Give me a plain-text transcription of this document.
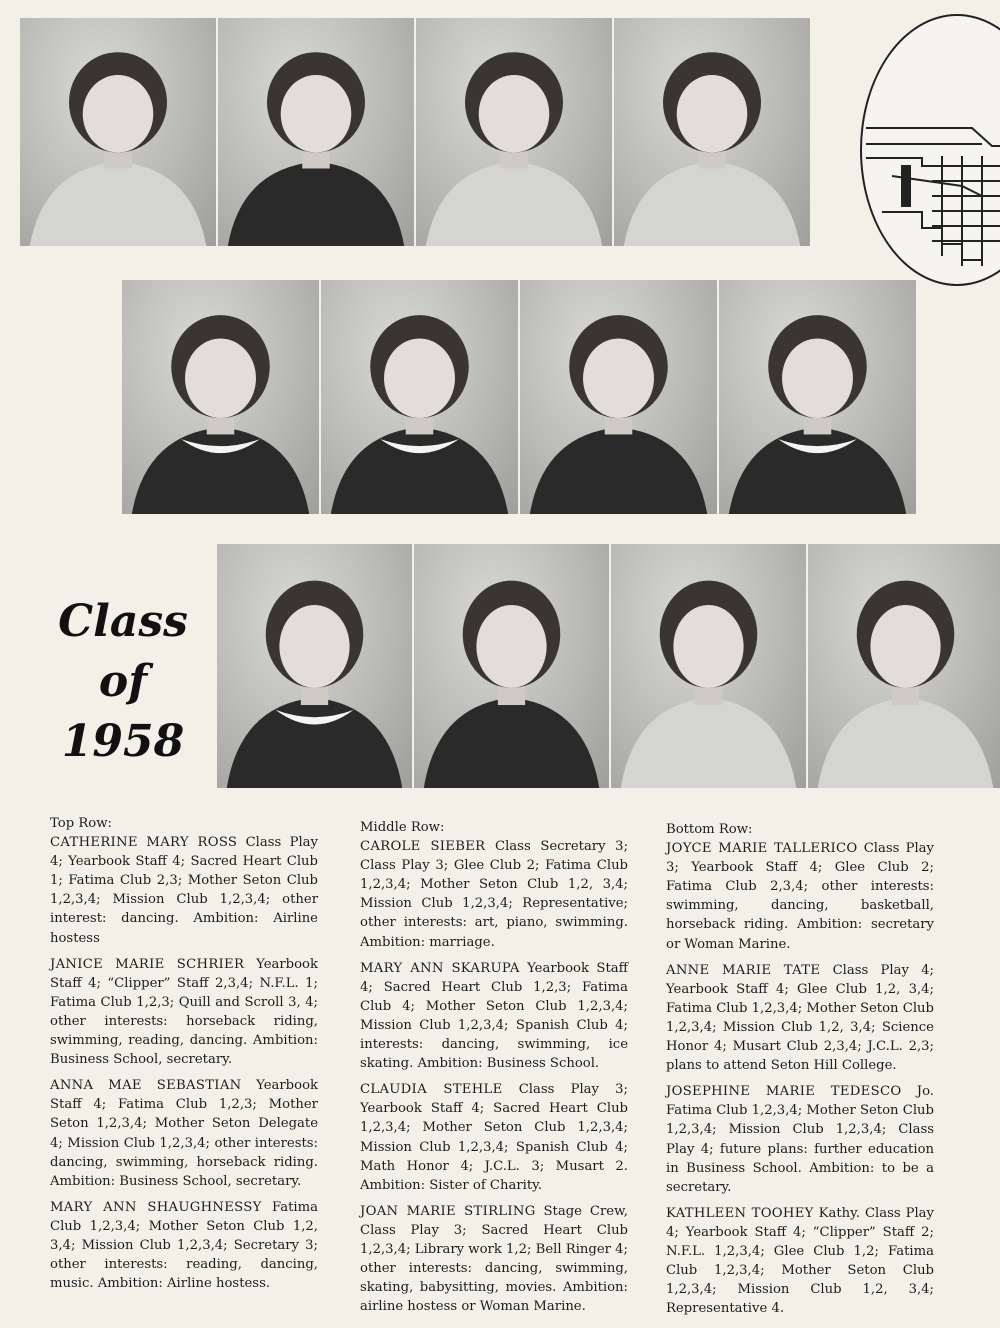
Class
of
1958
Top Row:

CATHERINE MARY ROSS Class Play 4; Yearbook Staff 4; Sacred Heart Club 1; Fatima Club 2,3; Mother Seton Club 1,2,3,4; Mission Club 1,2,3,4; other interest: dancing. Ambition: Airline hostess

JANICE MARIE SCHRIER Yearbook Staff 4; “Clipper” Staff 2,3,4; N.F.L. 1; Fatima Club 1,2,3; Quill and Scroll 3, 4; other interests: horseback riding, swimming, reading, dancing. Ambition: Business School, secretary.

ANNA MAE SEBASTIAN Yearbook Staff 4; Fatima Club 1,2,3; Mother Seton 1,2,3,4; Mother Seton Delegate 4; Mission Club 1,2,3,4; other interests: dancing, swimming, horseback riding. Ambition: Business School, secretary.

MARY ANN SHAUGHNESSY Fatima Club 1,2,3,4; Mother Seton Club 1,2, 3,4; Mission Club 1,2,3,4; Secretary 3; other interests: reading, dancing, music. Ambition: Airline hostess.

Middle Row:

CAROLE SIEBER Class Secretary 3; Class Play 3; Glee Club 2; Fatima Club 1,2,3,4; Mother Seton Club 1,2, 3,4; Mission Club 1,2,3,4; Representative; other interests: art, piano, swimming. Ambition: marriage.

MARY ANN SKARUPA Yearbook Staff 4; Sacred Heart Club 1,2,3; Fatima Club 4; Mother Seton Club 1,2,3,4; Mission Club 1,2,3,4; Spanish Club 4; interests: dancing, swimming, ice skating. Ambition: Business School.

CLAUDIA STEHLE Class Play 3; Yearbook Staff 4; Sacred Heart Club 1,2,3,4; Mother Seton Club 1,2,3,4; Mission Club 1,2,3,4; Spanish Club 4; Math Honor 4; J.C.L. 3; Musart 2. Ambition: Sister of Charity.

JOAN MARIE STIRLING Stage Crew, Class Play 3; Sacred Heart Club 1,2,3,4; Library work 1,2; Bell Ringer 4; other interests: dancing, swimming, skating, babysitting, movies. Ambition: airline hostess or Woman Marine.

Bottom Row:

JOYCE MARIE TALLERICO Class Play 3; Yearbook Staff 4; Glee Club 2; Fatima Club 2,3,4; other interests: swimming, dancing, basketball, horseback riding. Ambition: secretary or Woman Marine.

ANNE MARIE TATE Class Play 4; Yearbook Staff 4; Glee Club 1,2, 3,4; Fatima Club 1,2,3,4; Mother Seton Club 1,2,3,4; Mission Club 1,2, 3,4; Science Honor 4; Musart Club 2,3,4; J.C.L. 2,3; plans to attend Seton Hill College.

JOSEPHINE MARIE TEDESCO Jo. Fatima Club 1,2,3,4; Mother Seton Club 1,2,3,4; Mission Club 1,2,3,4; Class Play 4; future plans: further education in Business School. Ambition: to be a secretary.

KATHLEEN TOOHEY Kathy. Class Play 4; Yearbook Staff 4; “Clipper” Staff 2; N.F.L. 1,2,3,4; Glee Club 1,2; Fatima Club 1,2,3,4; Mother Seton Club 1,2,3,4; Mission Club 1,2, 3,4; Representative 4.
